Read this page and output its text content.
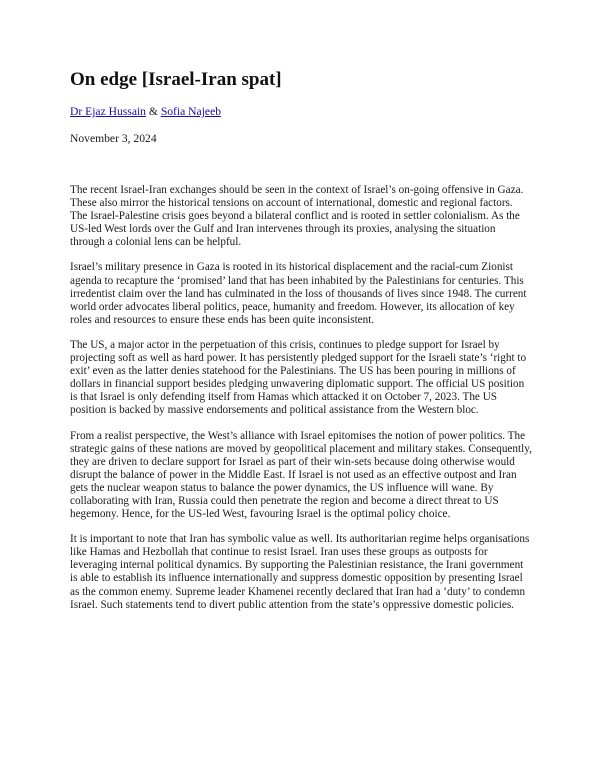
On edge [Israel-Iran spat]
Dr Ejaz Hussain & Sofia Najeeb
November 3, 2024

The recent Israel-Iran exchanges should be seen in the context of Israel’s on-going offensive in Gaza. These also mirror the historical tensions on account of international, domestic and regional factors. The Israel-Palestine crisis goes beyond a bilateral conflict and is rooted in settler colonialism. As the US-led West lords over the Gulf and Iran intervenes through its proxies, analysing the situation through a colonial lens can be helpful.

Israel’s military presence in Gaza is rooted in its historical displacement and the racial-cum Zionist agenda to recapture the ‘promised’ land that has been inhabited by the Palestinians for centuries. This irredentist claim over the land has culminated in the loss of thousands of lives since 1948. The current world order advocates liberal politics, peace, humanity and freedom. However, its allocation of key roles and resources to ensure these ends has been quite inconsistent.

The US, a major actor in the perpetuation of this crisis, continues to pledge support for Israel by projecting soft as well as hard power. It has persistently pledged support for the Israeli state’s ‘right to exit’ even as the latter denies statehood for the Palestinians. The US has been pouring in millions of dollars in financial support besides pledging unwavering diplomatic support. The official US position is that Israel is only defending itself from Hamas which attacked it on October 7, 2023. The US position is backed by massive endorsements and political assistance from the Western bloc.

From a realist perspective, the West’s alliance with Israel epitomises the notion of power politics. The strategic gains of these nations are moved by geopolitical placement and military stakes. Consequently, they are driven to declare support for Israel as part of their win-sets because doing otherwise would disrupt the balance of power in the Middle East. If Israel is not used as an effective outpost and Iran gets the nuclear weapon status to balance the power dynamics, the US influence will wane. By collaborating with Iran, Russia could then penetrate the region and become a direct threat to US hegemony. Hence, for the US-led West, favouring Israel is the optimal policy choice.

It is important to note that Iran has symbolic value as well. Its authoritarian regime helps organisations like Hamas and Hezbollah that continue to resist Israel. Iran uses these groups as outposts for leveraging internal political dynamics. By supporting the Palestinian resistance, the Irani government is able to establish its influence internationally and suppress domestic opposition by presenting Israel as the common enemy. Supreme leader Khamenei recently declared that Iran had a ‘duty’ to condemn Israel. Such statements tend to divert public attention from the state’s oppressive domestic policies.
